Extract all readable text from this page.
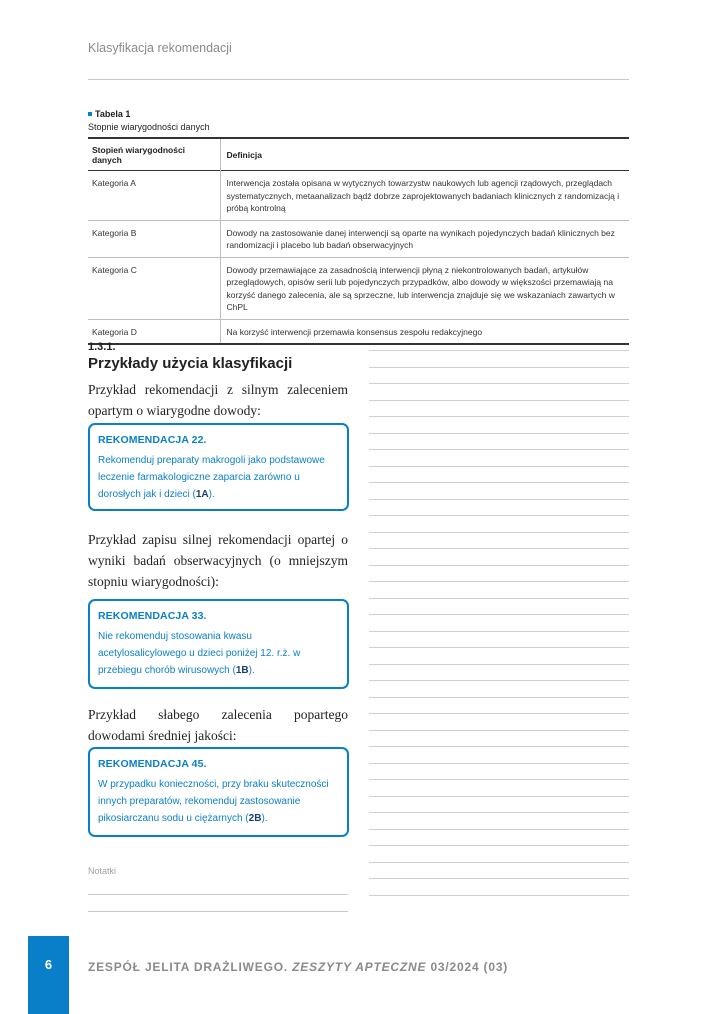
Klasyfikacja rekomendacji
Tabela 1
Stopnie wiarygodności danych
Stopień wiarygodności danych	Definicja
Kategoria A	Interwencja została opisana w wytycznych towarzystw naukowych lub agencji rządowych, przeglądach systematycznych, metaanalizach bądź dobrze zaprojektowanych badaniach klinicznych z randomizacją i próbą kontrolną
Kategoria B	Dowody na zastosowanie danej interwencji są oparte na wynikach pojedynczych badań klinicznych bez randomizacji i placebo lub badań obserwacyjnych
Kategoria C	Dowody przemawiające za zasadnością interwencji płyną z niekontrolowanych badań, artykułów przeglądowych, opisów serii lub pojedynczych przypadków, albo dowody w większości przemawiają na korzyść danego zalecenia, ale są sprzeczne, lub interwencja znajduje się we wskazaniach zawartych w ChPL
Kategoria D	Na korzyść interwencji przemawia konsensus zespołu redakcyjnego
1.3.1.
Przykłady użycia klasyfikacji
Przykład rekomendacji z silnym zaleceniem opartym o wiarygodne dowody:
REKOMENDACJA 22.
Rekomenduj preparaty makrogoli jako podstawowe leczenie farmakologiczne zaparcia zarówno u dorosłych jak i dzieci (1A).
Przykład zapisu silnej rekomendacji opartej o wyniki badań obserwacyjnych (o mniejszym stopniu wiarygodności):
REKOMENDACJA 33.
Nie rekomenduj stosowania kwasu acetylosalicylowego u dzieci poniżej 12. r.ż. w przebiegu chorób wirusowych (1B).
Przykład słabego zalecenia popartego dowodami średniej jakości:
REKOMENDACJA 45.
W przypadku konieczności, przy braku skuteczności innych preparatów, rekomenduj zastosowanie pikosiarczanu sodu u ciężarnych (2B).
Notatki
6	ZESPÓŁ JELITA DRAŻLIWEGO. ZESZYTY APTECZNE 03/2024 (03)
